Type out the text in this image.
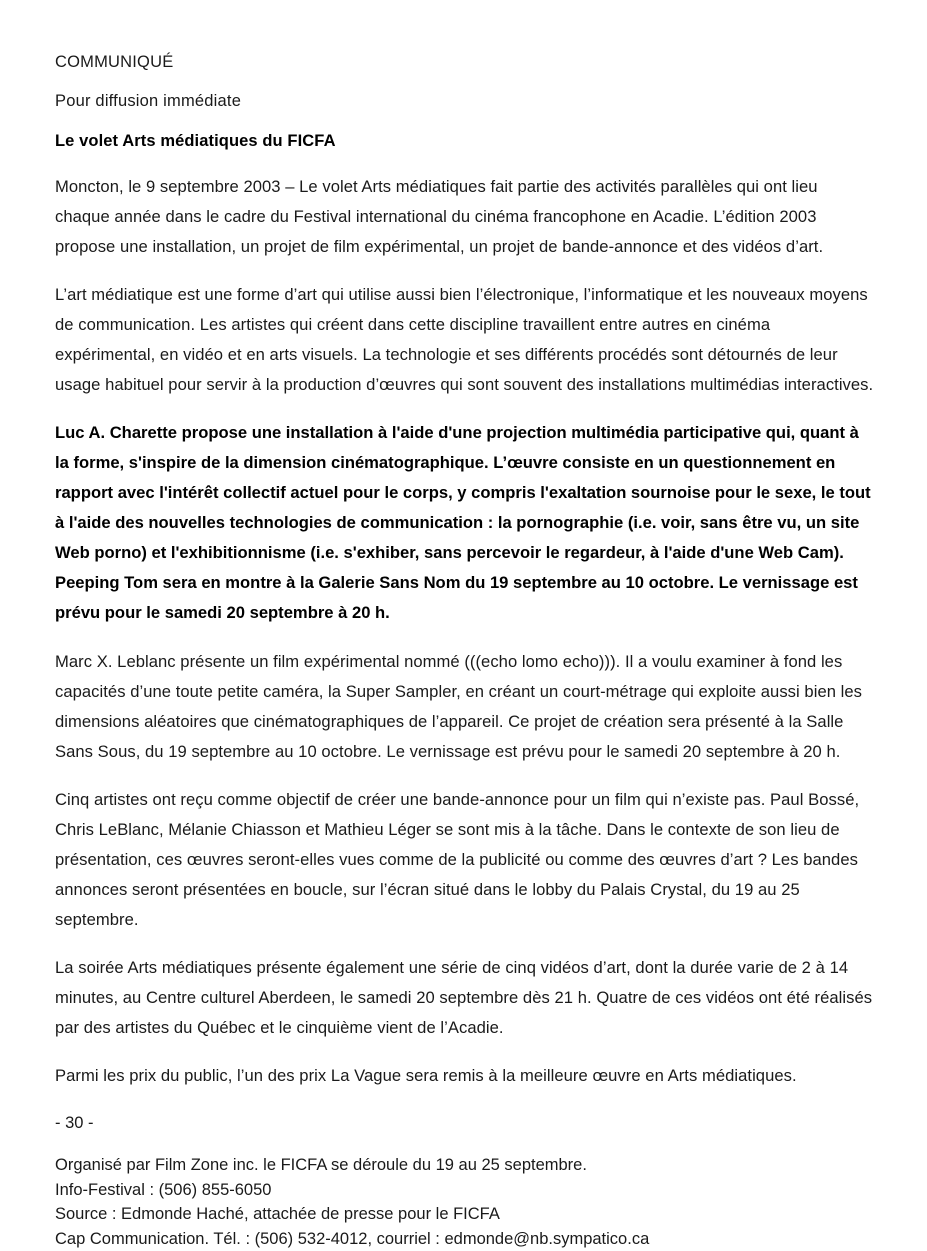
COMMUNIQUÉ
Pour diffusion immédiate
Le volet Arts médiatiques du FICFA

Moncton, le 9 septembre 2003 – Le volet Arts médiatiques fait partie des activités parallèles qui ont lieu chaque année dans le cadre du Festival international du cinéma francophone en Acadie. L’édition 2003 propose une installation, un projet de film expérimental, un projet de bande-annonce et des vidéos d’art.

L’art médiatique est une forme d’art qui utilise aussi bien l’électronique, l’informatique et les nouveaux moyens de communication. Les artistes qui créent dans cette discipline travaillent entre autres en cinéma expérimental, en vidéo et en arts visuels. La technologie et ses différents procédés sont détournés de leur usage habituel pour servir à la production d’œuvres qui sont souvent des installations multimédias interactives.

Luc A. Charette propose une installation à l'aide d'une projection multimédia participative qui, quant à la forme, s'inspire de la dimension cinématographique. L’œuvre consiste en un questionnement en rapport avec l'intérêt collectif actuel pour le corps, y compris l'exaltation sournoise pour le sexe, le tout à l'aide des nouvelles technologies de communication : la pornographie (i.e. voir, sans être vu, un site Web porno) et l'exhibitionnisme (i.e. s'exhiber, sans percevoir le regardeur, à l'aide d'une Web Cam). Peeping Tom sera en montre à la Galerie Sans Nom du 19 septembre au 10 octobre. Le vernissage est prévu pour le samedi 20 septembre à 20 h.

Marc X. Leblanc présente un film expérimental nommé (((echo lomo echo))). Il a voulu examiner à fond les capacités d’une toute petite caméra, la Super Sampler, en créant un court-métrage qui exploite aussi bien les dimensions aléatoires que cinématographiques de l’appareil. Ce projet de création sera présenté à la Salle Sans Sous, du 19 septembre au 10 octobre. Le vernissage est prévu pour le samedi 20 septembre à 20 h.

Cinq artistes ont reçu comme objectif de créer une bande-annonce pour un film qui n’existe pas. Paul Bossé, Chris LeBlanc, Mélanie Chiasson et Mathieu Léger se sont mis à la tâche. Dans le contexte de son lieu de présentation, ces œuvres seront-elles vues comme de la publicité ou comme des œuvres d’art ? Les bandes annonces seront présentées en boucle, sur l’écran situé dans le lobby du Palais Crystal, du 19 au 25 septembre.

La soirée Arts médiatiques présente également une série de cinq vidéos d’art, dont la durée varie de 2 à 14 minutes, au Centre culturel Aberdeen, le samedi 20 septembre dès 21 h. Quatre de ces vidéos ont été réalisés par des artistes du Québec et le cinquième vient de l’Acadie.

Parmi les prix du public, l’un des prix La Vague sera remis à la meilleure œuvre en Arts médiatiques.

- 30 -
Organisé par Film Zone inc. le FICFA se déroule du 19 au 25 septembre.
Info-Festival : (506) 855-6050
Source : Edmonde Haché, attachée de presse pour le FICFA
Cap Communication. Tél. : (506) 532-4012, courriel : edmonde@nb.sympatico.ca
